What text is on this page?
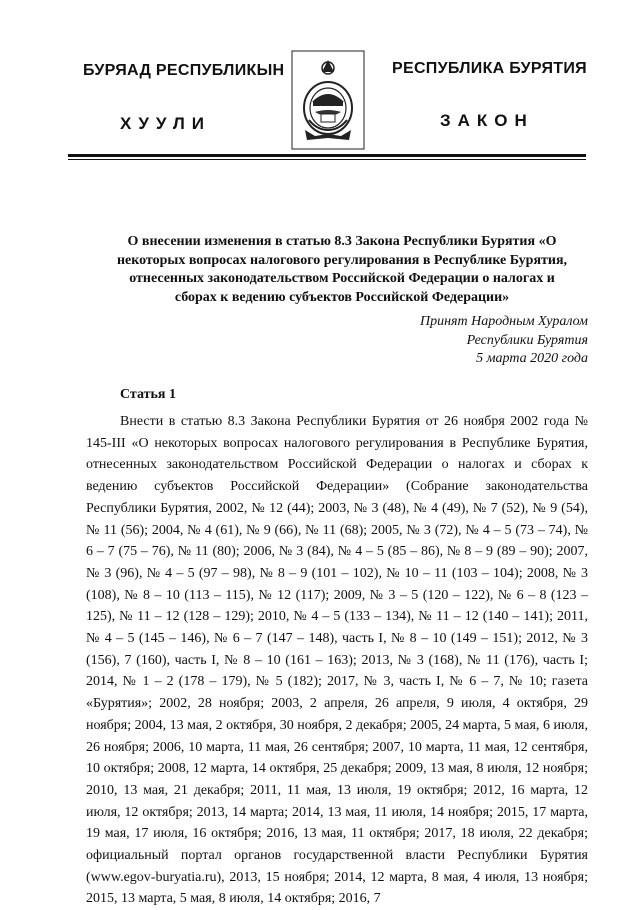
БУРЯАД РЕСПУБЛИКЫН
ХУУЛИ
РЕСПУБЛИКА БУРЯТИЯ
ЗАКОН

О внесении изменения в статью 8.3 Закона Республики Бурятия «О некоторых вопросах налогового регулирования в Республике Бурятия, отнесенных законодательством Российской Федерации о налогах и сборах к ведению субъектов Российской Федерации»

Принят Народным Хуралом
Республики Бурятия
5 марта 2020 года

Статья 1

Внести в статью 8.3 Закона Республики Бурятия от 26 ноября 2002 года № 145-III «О некоторых вопросах налогового регулирования в Республике Бурятия, отнесенных законодательством Российской Федерации о налогах и сборах к ведению субъектов Российской Федерации» (Собрание законодательства Республики Бурятия, 2002, № 12 (44); 2003, № 3 (48), № 4 (49), № 7 (52), № 9 (54), № 11 (56); 2004, № 4 (61), № 9 (66), № 11 (68); 2005, № 3 (72), № 4 – 5 (73 – 74), № 6 – 7 (75 – 76), № 11 (80); 2006, № 3 (84), № 4 – 5 (85 – 86), № 8 – 9 (89 – 90); 2007, № 3 (96), № 4 – 5 (97 – 98), № 8 – 9 (101 – 102), № 10 – 11 (103 – 104); 2008, № 3 (108), № 8 – 10 (113 – 115), № 12 (117); 2009, № 3 – 5 (120 – 122), № 6 – 8 (123 – 125), № 11 – 12 (128 – 129); 2010, № 4 – 5 (133 – 134), № 11 – 12 (140 – 141); 2011, № 4 – 5 (145 – 146), № 6 – 7 (147 – 148), часть I, № 8 – 10 (149 – 151); 2012, № 3 (156), 7 (160), часть I, № 8 – 10 (161 – 163); 2013, № 3 (168), № 11 (176), часть I; 2014, № 1 – 2 (178 – 179), № 5 (182); 2017, № 3, часть I, № 6 – 7, № 10; газета «Бурятия»; 2002, 28 ноября; 2003, 2 апреля, 26 апреля, 9 июля, 4 октября, 29 ноября; 2004, 13 мая, 2 октября, 30 ноября, 2 декабря; 2005, 24 марта, 5 мая, 6 июля, 26 ноября; 2006, 10 марта, 11 мая, 26 сентября; 2007, 10 марта, 11 мая, 12 сентября, 10 октября; 2008, 12 марта, 14 октября, 25 декабря; 2009, 13 мая, 8 июля, 12 ноября; 2010, 13 мая, 21 декабря; 2011, 11 мая, 13 июля, 19 октября; 2012, 16 марта, 12 июля, 12 октября; 2013, 14 марта; 2014, 13 мая, 11 июля, 14 ноября; 2015, 17 марта, 19 мая, 17 июля, 16 октября; 2016, 13 мая, 11 октября; 2017, 18 июля, 22 декабря; официальный портал органов государственной власти Республики Бурятия (www.egov-buryatia.ru), 2013, 15 ноября; 2014, 12 марта, 8 мая, 4 июля, 13 ноября; 2015, 13 марта, 5 мая, 8 июля, 14 октября; 2016, 7
